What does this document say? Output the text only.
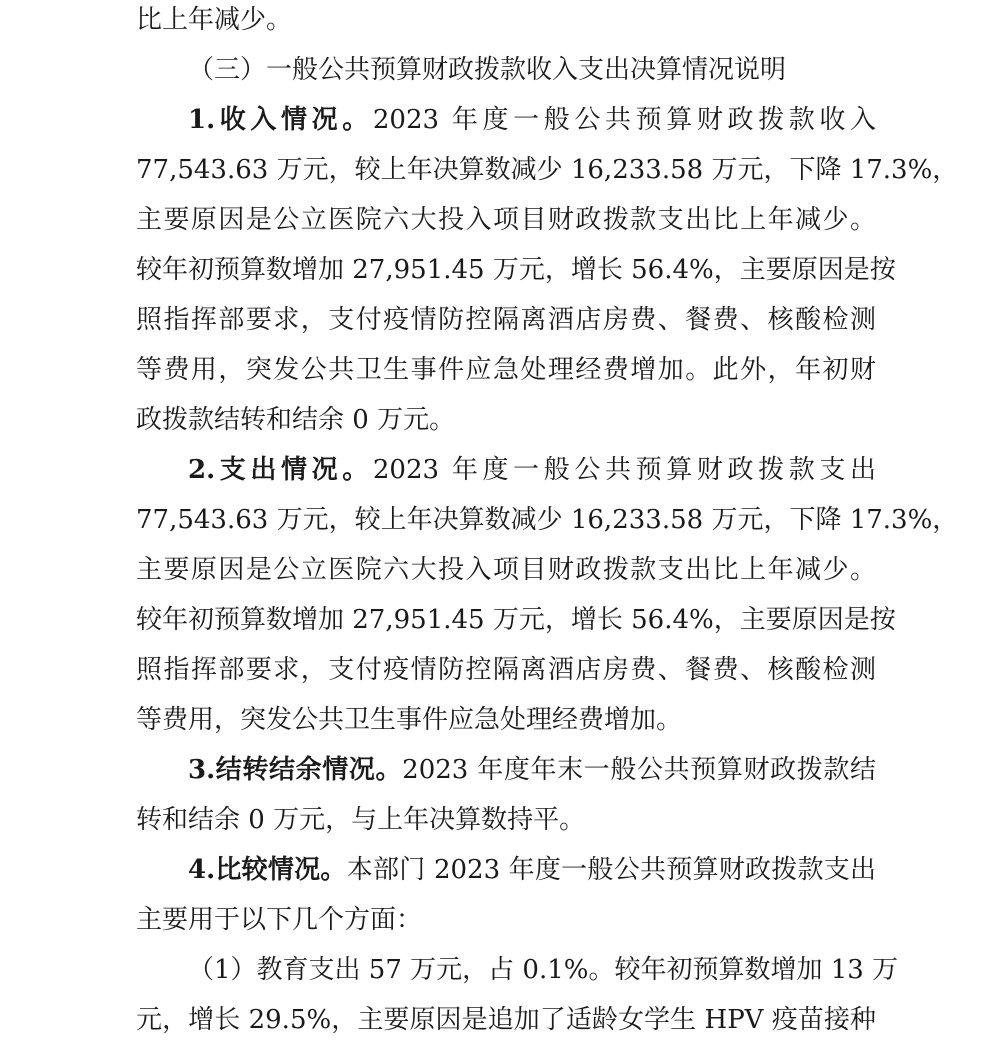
比上年减少。
（三）一般公共预算财政拨款收入支出决算情况说明
1.收入情况。2023 年度一般公共预算财政拨款收入
77,543.63 万元，较上年决算数减少 16,233.58 万元，下降 17.3%，
主要原因是公立医院六大投入项目财政拨款支出比上年减少。
较年初预算数增加 27,951.45 万元，增长 56.4%，主要原因是按
照指挥部要求，支付疫情防控隔离酒店房费、餐费、核酸检测
等费用，突发公共卫生事件应急处理经费增加。此外，年初财
政拨款结转和结余 0 万元。
2.支出情况。2023 年度一般公共预算财政拨款支出
77,543.63 万元，较上年决算数减少 16,233.58 万元，下降 17.3%，
主要原因是公立医院六大投入项目财政拨款支出比上年减少。
较年初预算数增加 27,951.45 万元，增长 56.4%，主要原因是按
照指挥部要求，支付疫情防控隔离酒店房费、餐费、核酸检测
等费用，突发公共卫生事件应急处理经费增加。
3.结转结余情况。2023 年度年末一般公共预算财政拨款结
转和结余 0 万元，与上年决算数持平。
4.比较情况。本部门 2023 年度一般公共预算财政拨款支出
主要用于以下几个方面：
（1）教育支出 57 万元，占 0.1%。较年初预算数增加 13 万
元，增长 29.5%，主要原因是追加了适龄女学生 HPV 疫苗接种
